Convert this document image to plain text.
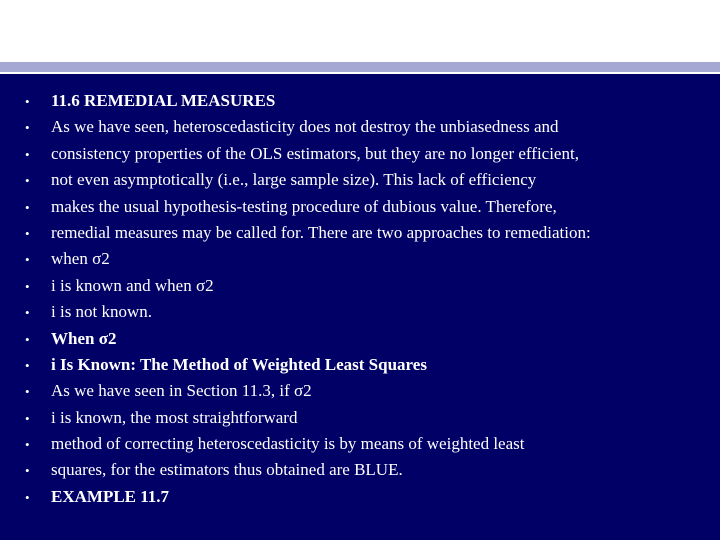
•	11.6 REMEDIAL MEASURES
•	As we have seen, heteroscedasticity does not destroy the unbiasedness and
•	consistency properties of the OLS estimators, but they are no longer efficient,
•	not even asymptotically (i.e., large sample size). This lack of efficiency
•	makes the usual hypothesis-testing procedure of dubious value. Therefore,
•	remedial measures may be called for. There are two approaches to remediation:
•	when σ2
•	i is known and when σ2
•	i is not known.
•	When σ2
•	i Is Known: The Method of Weighted Least Squares
•	As we have seen in Section 11.3, if σ2
•	i is known, the most straightforward
•	method of correcting heteroscedasticity is by means of weighted least
•	squares, for the estimators thus obtained are BLUE.
•	EXAMPLE 11.7
